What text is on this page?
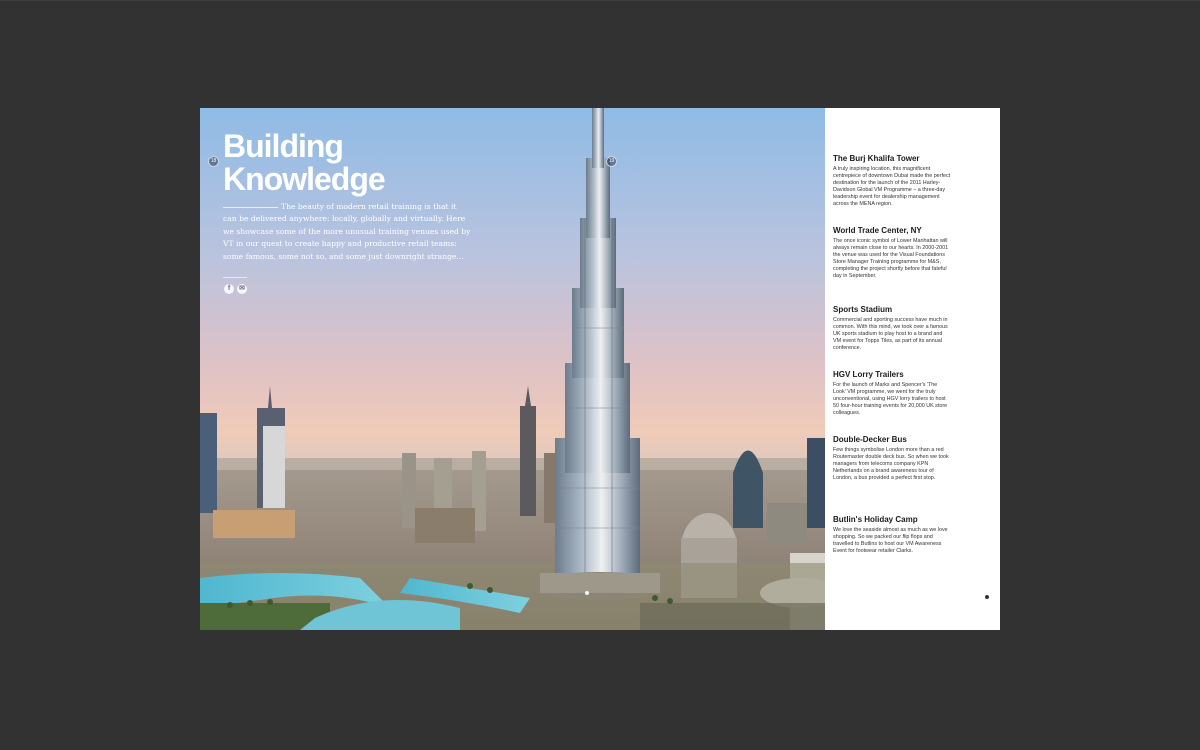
18	19
Building
Knowledge

The beauty of modern retail training is that it can be delivered anywhere: locally, globally and virtually. Here we showcase some of the more unusual training venues used by VT in our quest to create happy and productive retail teams: some famous, some not so, and some just downright strange...

f	✉
The Burj Khalifa Tower

A truly inspiring location, this magnificent centrepiece of downtown Dubai made the perfect destination for the launch of the 2011 Harley-Davidson Global VM Programme – a three-day leadership event for dealership management across the MENA region.

World Trade Center, NY

The once iconic symbol of Lower Manhattan will always remain close to our hearts. In 2000-2001 the venue was used for the Visual Foundations Store Manager Training programme for M&S, completing the project shortly before that fateful day in September.

Sports Stadium

Commercial and sporting success have much in common. With this mind, we took over a famous UK sports stadium to play host to a brand and VM event for Topps Tiles, as part of its annual conference.

HGV Lorry Trailers

For the launch of Marks and Spencer's 'The Look' VM programme, we went for the truly unconventional, using HGV lorry trailers to host 50 four-hour training events for 20,000 UK store colleagues.

Double-Decker Bus

Few things symbolise London more than a red Routemaster double deck bus. So when we took managers from telecoms company KPN Netherlands on a brand awareness tour of London, a bus provided a perfect first stop.

Butlin's Holiday Camp

We love the seaside almost as much as we love shopping. So we packed our flip flops and travelled to Butlins to host our VM Awareness Event for footwear retailer Clarks.
